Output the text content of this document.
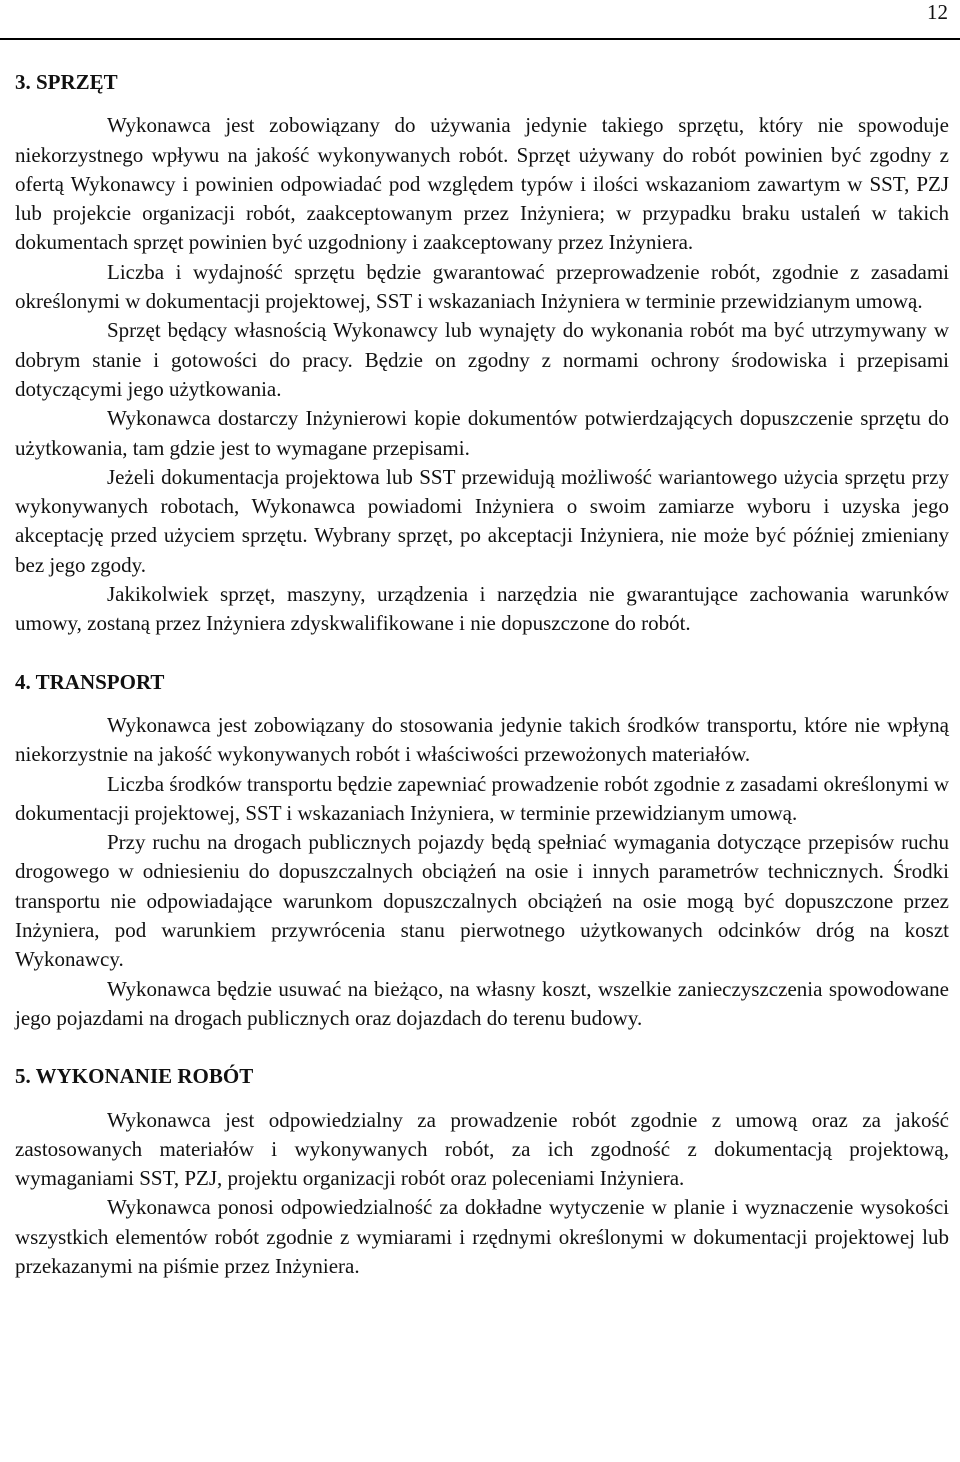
12
3. SPRZĘT

Wykonawca jest zobowiązany do używania jedynie takiego sprzętu, który nie spowoduje niekorzystnego wpływu na jakość wykonywanych robót. Sprzęt używany do robót powinien być zgodny z ofertą Wykonawcy i powinien odpowiadać pod względem typów i ilości wskazaniom zawartym w SST, PZJ lub projekcie organizacji robót, zaakceptowanym przez Inżyniera; w przypadku braku ustaleń w takich dokumentach sprzęt powinien być uzgodniony i zaakceptowany przez Inżyniera.

Liczba i wydajność sprzętu będzie gwarantować przeprowadzenie robót, zgodnie z zasadami określonymi w dokumentacji projektowej, SST i wskazaniach Inżyniera w terminie przewidzianym umową.

Sprzęt będący własnością Wykonawcy lub wynajęty do wykonania robót ma być utrzymywany w dobrym stanie i gotowości do pracy. Będzie on zgodny z normami ochrony środowiska i przepisami dotyczącymi jego użytkowania.

Wykonawca dostarczy Inżynierowi kopie dokumentów potwierdzających dopuszczenie sprzętu do użytkowania, tam gdzie jest to wymagane przepisami.

Jeżeli dokumentacja projektowa lub SST przewidują możliwość wariantowego użycia sprzętu przy wykonywanych robotach, Wykonawca powiadomi Inżyniera o swoim zamiarze wyboru i uzyska jego akceptację przed użyciem sprzętu. Wybrany sprzęt, po akceptacji Inżyniera, nie może być później zmieniany bez jego zgody.

Jakikolwiek sprzęt, maszyny, urządzenia i narzędzia nie gwarantujące zachowania warunków umowy, zostaną przez Inżyniera zdyskwalifikowane i nie dopuszczone do robót.

4. TRANSPORT

Wykonawca jest zobowiązany do stosowania jedynie takich środków transportu, które nie wpłyną niekorzystnie na jakość wykonywanych robót i właściwości przewożonych materiałów.

Liczba środków transportu będzie zapewniać prowadzenie robót zgodnie z zasadami określonymi w dokumentacji projektowej, SST i wskazaniach Inżyniera, w terminie przewidzianym umową.

Przy ruchu na drogach publicznych pojazdy będą spełniać wymagania dotyczące przepisów ruchu drogowego w odniesieniu do dopuszczalnych obciążeń na osie i innych parametrów technicznych. Środki transportu nie odpowiadające warunkom dopuszczalnych obciążeń na osie mogą być dopuszczone przez Inżyniera, pod warunkiem przywrócenia stanu pierwotnego użytkowanych odcinków dróg na koszt Wykonawcy.

Wykonawca będzie usuwać na bieżąco, na własny koszt, wszelkie zanieczyszczenia spowodowane jego pojazdami na drogach publicznych oraz dojazdach do terenu budowy.

5. WYKONANIE ROBÓT

Wykonawca jest odpowiedzialny za prowadzenie robót zgodnie z umową oraz za jakość zastosowanych materiałów i wykonywanych robót, za ich zgodność z dokumentacją projektową, wymaganiami SST, PZJ, projektu organizacji robót oraz poleceniami Inżyniera.

Wykonawca ponosi odpowiedzialność za dokładne wytyczenie w planie i wyznaczenie wysokości wszystkich elementów robót zgodnie z wymiarami i rzędnymi określonymi w dokumentacji projektowej lub przekazanymi na piśmie przez Inżyniera.
